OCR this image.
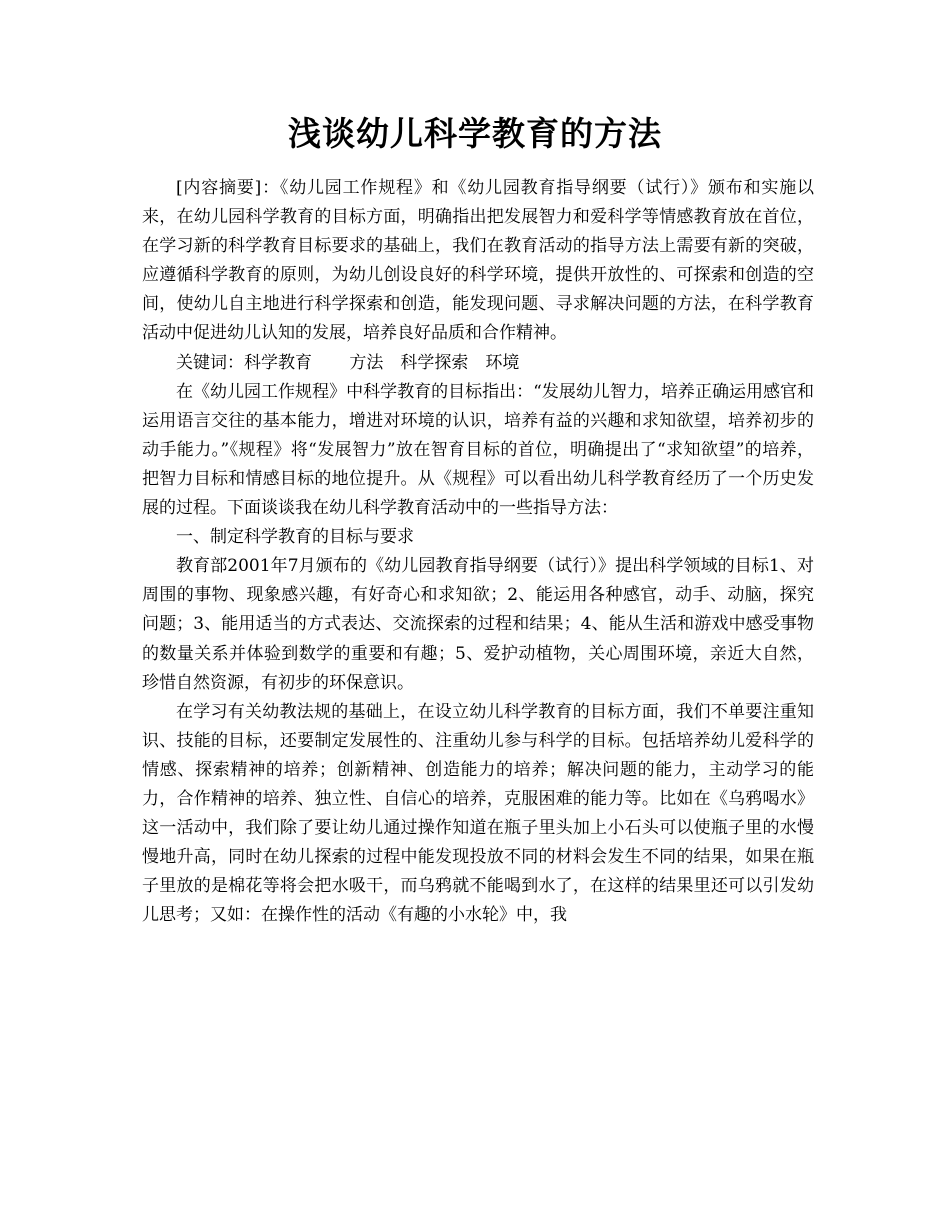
浅谈幼儿科学教育的方法

[内容摘要]：《幼儿园工作规程》和《幼儿园教育指导纲要（试行）》颁布和实施以来，在幼儿园科学教育的目标方面，明确指出把发展智力和爱科学等情感教育放在首位，在学习新的科学教育目标要求的基础上，我们在教育活动的指导方法上需要有新的突破，应遵循科学教育的原则，为幼儿创设良好的科学环境，提供开放性的、可探索和创造的空间，使幼儿自主地进行科学探索和创造，能发现问题、寻求解决问题的方法，在科学教育活动中促进幼儿认知的发展，培养良好品质和合作精神。

关键词：科学教育 方法 科学探索 环境

在《幼儿园工作规程》中科学教育的目标指出：“发展幼儿智力，培养正确运用感官和运用语言交往的基本能力，增进对环境的认识，培养有益的兴趣和求知欲望，培养初步的动手能力。”《规程》将“发展智力”放在智育目标的首位，明确提出了“求知欲望”的培养，把智力目标和情感目标的地位提升。从《规程》可以看出幼儿科学教育经历了一个历史发展的过程。下面谈谈我在幼儿科学教育活动中的一些指导方法：

一、制定科学教育的目标与要求

教育部2001年7月颁布的《幼儿园教育指导纲要（试行）》提出科学领域的目标1、对周围的事物、现象感兴趣，有好奇心和求知欲；2、能运用各种感官，动手、动脑，探究问题；3、能用适当的方式表达、交流探索的过程和结果；4、能从生活和游戏中感受事物的数量关系并体验到数学的重要和有趣；5、爱护动植物，关心周围环境，亲近大自然，珍惜自然资源，有初步的环保意识。

在学习有关幼教法规的基础上，在设立幼儿科学教育的目标方面，我们不单要注重知识、技能的目标，还要制定发展性的、注重幼儿参与科学的目标。包括培养幼儿爱科学的情感、探索精神的培养；创新精神、创造能力的培养；解决问题的能力，主动学习的能力，合作精神的培养、独立性、自信心的培养，克服困难的能力等。比如在《乌鸦喝水》这一活动中，我们除了要让幼儿通过操作知道在瓶子里头加上小石头可以使瓶子里的水慢慢地升高，同时在幼儿探索的过程中能发现投放不同的材料会发生不同的结果，如果在瓶子里放的是棉花等将会把水吸干，而乌鸦就不能喝到水了，在这样的结果里还可以引发幼儿思考；又如：在操作性的活动《有趣的小水轮》中，我
